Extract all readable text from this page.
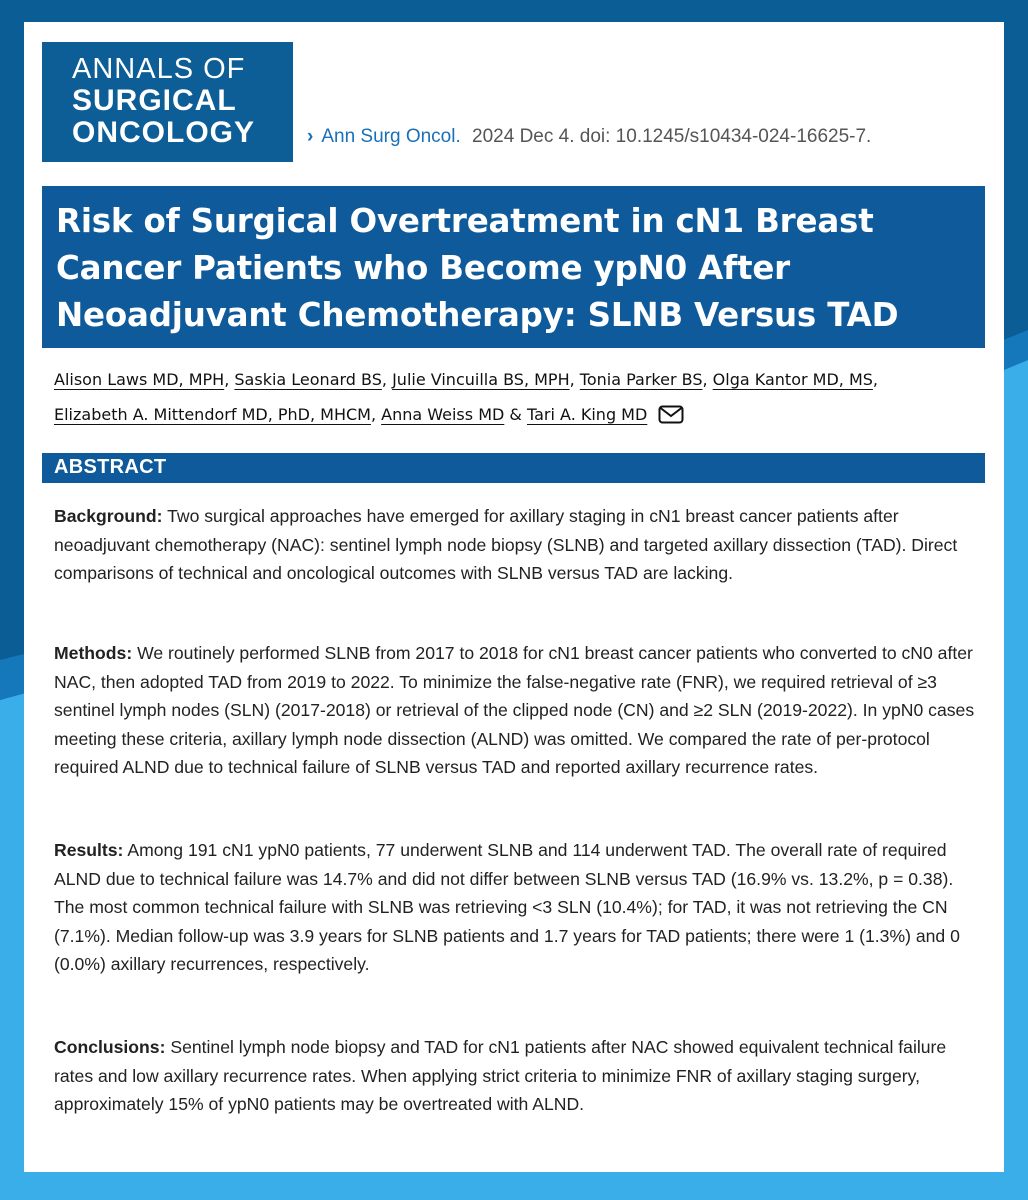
ANNALS OF
SURGICAL
ONCOLOGY	› Ann Surg Oncol. 2024 Dec 4. doi: 10.1245/s10434-024-16625-7.
Risk of Surgical Overtreatment in cN1 Breast Cancer Patients who Become ypN0 After Neoadjuvant Chemotherapy: SLNB Versus TAD
Alison Laws MD, MPH, Saskia Leonard BS, Julie Vincuilla BS, MPH, Tonia Parker BS, Olga Kantor MD, MS,
Elizabeth A. Mittendorf MD, PhD, MHCM, Anna Weiss MD & Tari A. King MD
ABSTRACT
Background: Two surgical approaches have emerged for axillary staging in cN1 breast cancer patients after neoadjuvant chemotherapy (NAC): sentinel lymph node biopsy (SLNB) and targeted axillary dissection (TAD). Direct comparisons of technical and oncological outcomes with SLNB versus TAD are lacking.
Methods: We routinely performed SLNB from 2017 to 2018 for cN1 breast cancer patients who converted to cN0 after NAC, then adopted TAD from 2019 to 2022. To minimize the false-negative rate (FNR), we required retrieval of ≥3 sentinel lymph nodes (SLN) (2017-2018) or retrieval of the clipped node (CN) and ≥2 SLN (2019-2022). In ypN0 cases meeting these criteria, axillary lymph node dissection (ALND) was omitted. We compared the rate of per-protocol required ALND due to technical failure of SLNB versus TAD and reported axillary recurrence rates.
Results: Among 191 cN1 ypN0 patients, 77 underwent SLNB and 114 underwent TAD. The overall rate of required ALND due to technical failure was 14.7% and did not differ between SLNB versus TAD (16.9% vs. 13.2%, p = 0.38). The most common technical failure with SLNB was retrieving <3 SLN (10.4%); for TAD, it was not retrieving the CN (7.1%). Median follow-up was 3.9 years for SLNB patients and 1.7 years for TAD patients; there were 1 (1.3%) and 0 (0.0%) axillary recurrences, respectively.
Conclusions: Sentinel lymph node biopsy and TAD for cN1 patients after NAC showed equivalent technical failure rates and low axillary recurrence rates. When applying strict criteria to minimize FNR of axillary staging surgery, approximately 15% of ypN0 patients may be overtreated with ALND.
